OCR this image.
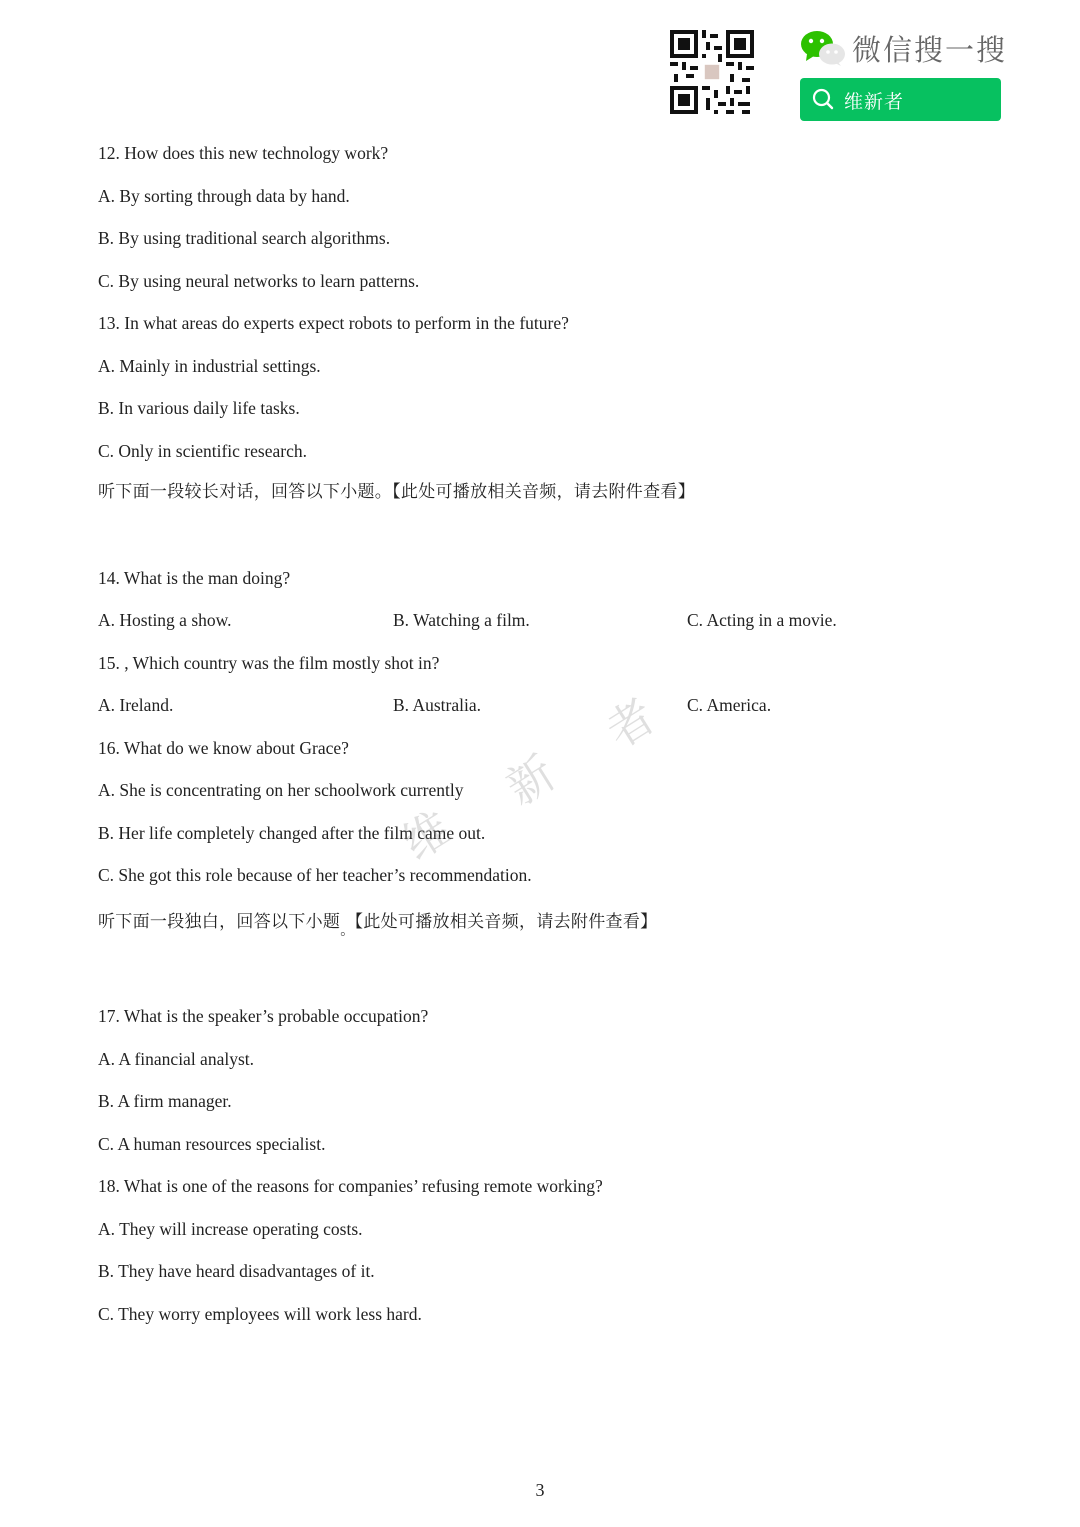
微信搜一搜
维新者
12. How does this new technology work?
A. By sorting through data by hand.
B. By using traditional search algorithms.
C. By using neural networks to learn patterns.
13. In what areas do experts expect robots to perform in the future?
A. Mainly in industrial settings.
B. In various daily life tasks.
C. Only in scientific research.
听下面一段较长对话，回答以下小题。【此处可播放相关音频，请去附件查看】
14. What is the man doing?
A. Hosting a show.	B. Watching a film.	C. Acting in a movie.
15. , Which country was the film mostly shot in?
A. Ireland.	B. Australia.	C. America.
16. What do we know about Grace?
A. She is concentrating on her schoolwork currently
B. Her life completely changed after the film came out.
C. She got this role because of her teacher’s recommendation.
听下面一段独白，回答以下小题$_。$【此处可播放相关音频，请去附件查看】
17. What is the speaker’s probable occupation?
A. A financial analyst.
B. A firm manager.
C. A human resources specialist.
18. What is one of the reasons for companies’ refusing remote working?
A. They will increase operating costs.
B. They have heard disadvantages of it.
C. They worry employees will work less hard.
维
新
者
3
